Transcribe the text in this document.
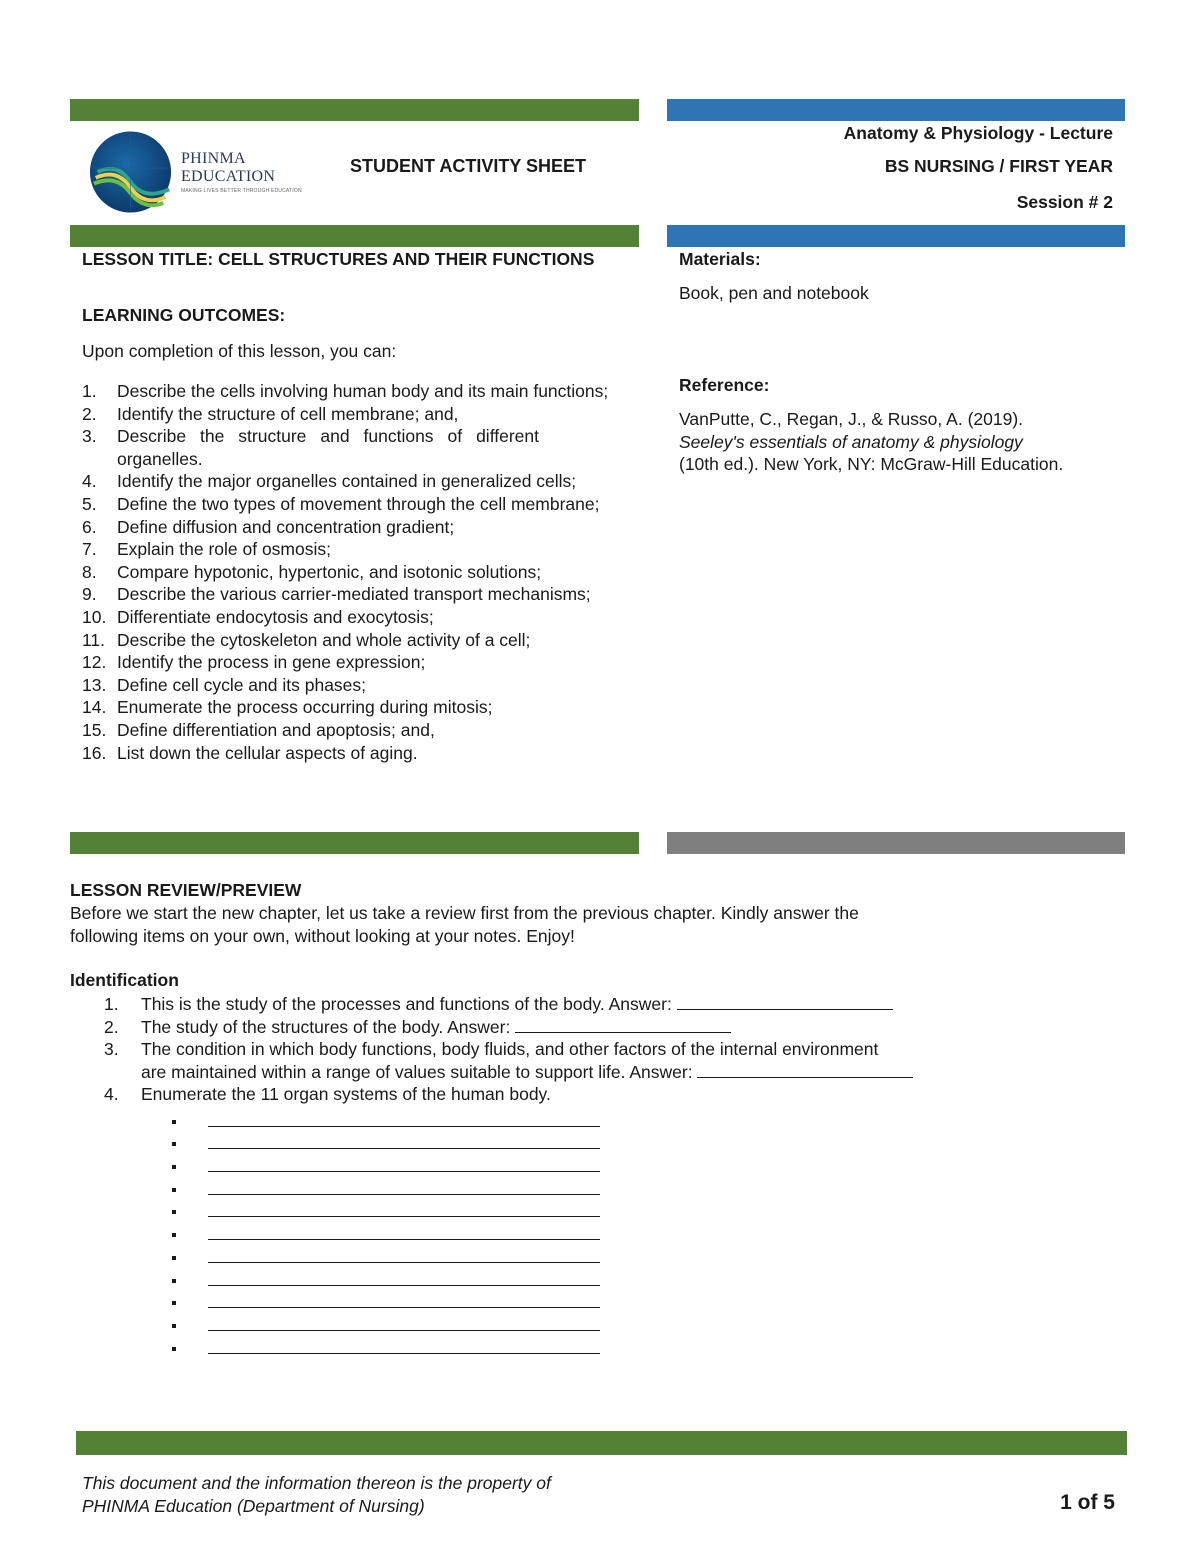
PHINMA EDUCATION
MAKING LIVES BETTER THROUGH EDUCATION
STUDENT ACTIVITY SHEET
Anatomy & Physiology - Lecture
BS NURSING / FIRST YEAR
Session # 2
LESSON TITLE: CELL STRUCTURES AND THEIR FUNCTIONS
LEARNING OUTCOMES:
Upon completion of this lesson, you can:
1.	Describe the cells involving human body and its main functions;
2.	Identify the structure of cell membrane; and,
3.	Describe the structure and functions of different organelles.
4.	Identify the major organelles contained in generalized cells;
5.	Define the two types of movement through the cell membrane;
6.	Define diffusion and concentration gradient;
7.	Explain the role of osmosis;
8.	Compare hypotonic, hypertonic, and isotonic solutions;
9.	Describe the various carrier-mediated transport mechanisms;
10. Differentiate endocytosis and exocytosis;
11. Describe the cytoskeleton and whole activity of a cell;
12. Identify the process in gene expression;
13. Define cell cycle and its phases;
14. Enumerate the process occurring during mitosis;
15. Define differentiation and apoptosis; and,
16. List down the cellular aspects of aging.
Materials:
Book, pen and notebook
Reference:
VanPutte, C., Regan, J., & Russo, A. (2019).
Seeley's essentials of anatomy & physiology
(10th ed.). New York, NY: McGraw-Hill Education.
LESSON REVIEW/PREVIEW
Before we start the new chapter, let us take a review first from the previous chapter. Kindly answer the
following items on your own, without looking at your notes. Enjoy!
Identification
1.	This is the study of the processes and functions of the body. Answer:
2.	The study of the structures of the body. Answer:
3.	The condition in which body functions, body fluids, and other factors of the internal environment
are maintained within a range of values suitable to support life. Answer:
4.	Enumerate the 11 organ systems of the human body.
This document and the information thereon is the property of
PHINMA Education (Department of Nursing)	1 of 5
